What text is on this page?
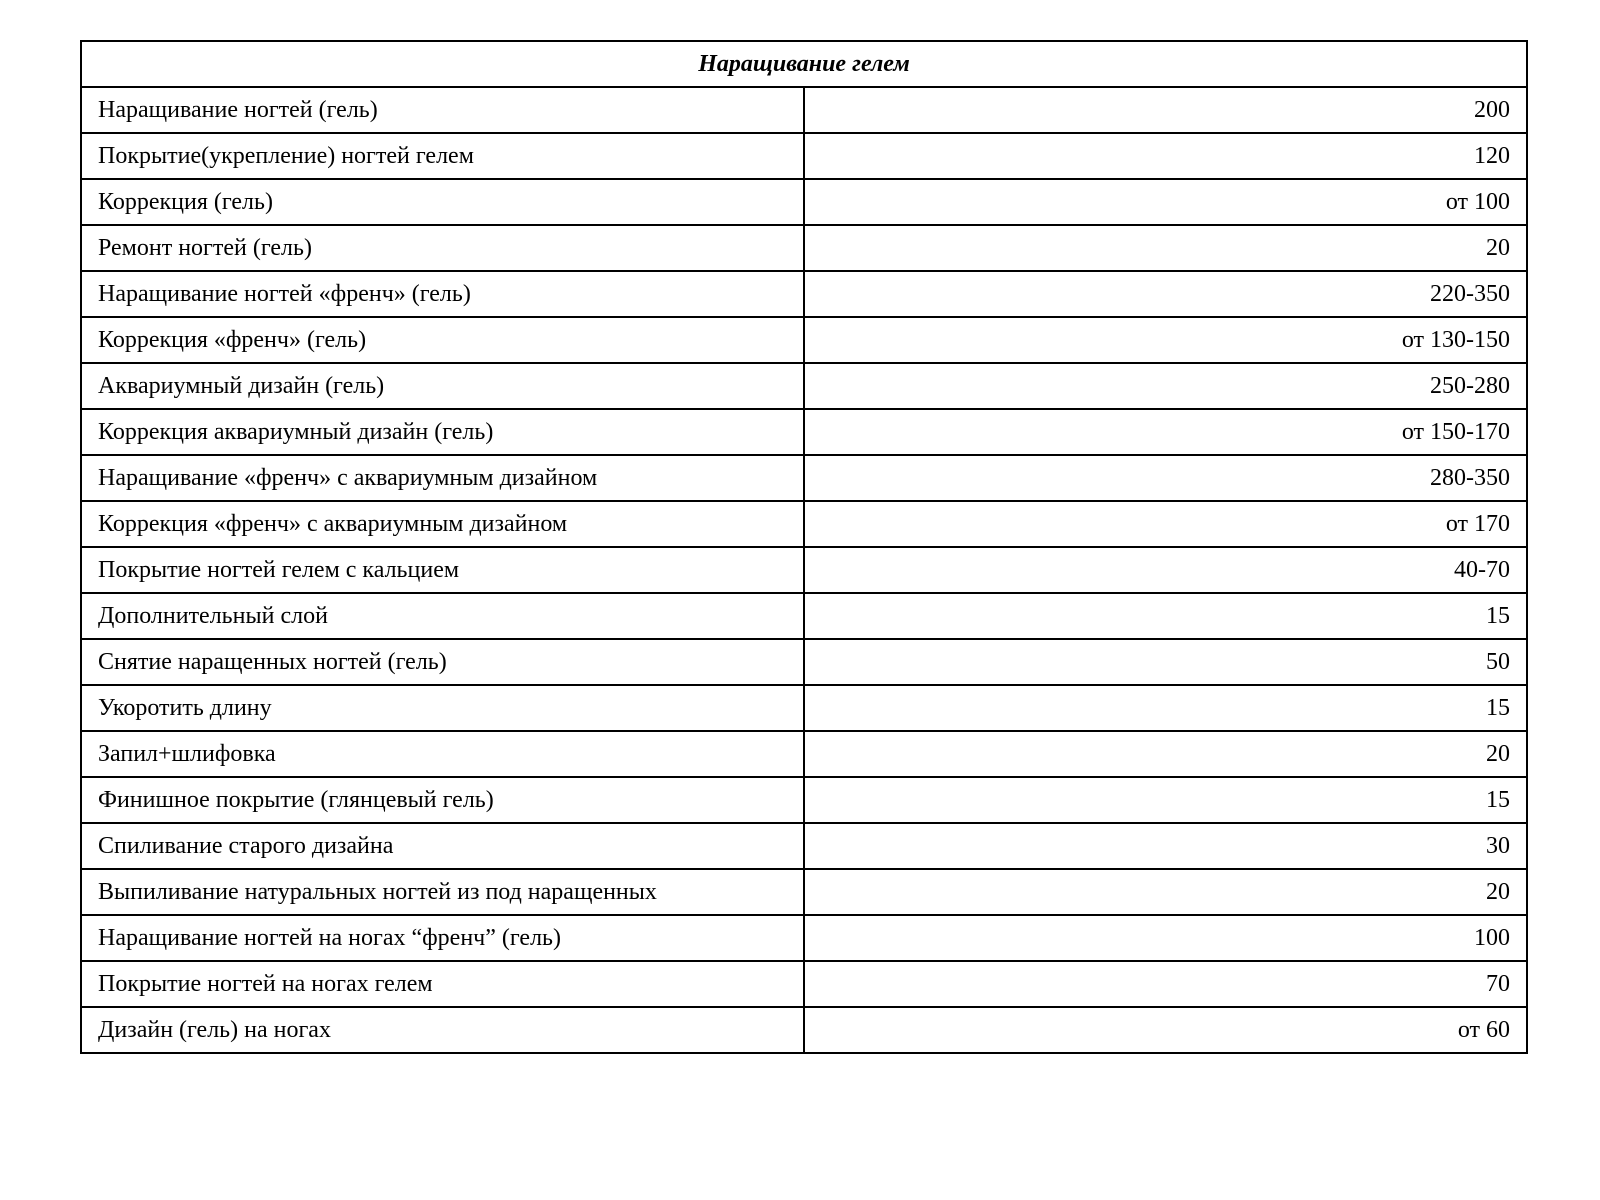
Наращивание гелем	
Наращивание ногтей (гель)	200
Покрытие(укрепление) ногтей гелем	120
Коррекция (гель)	от 100
Ремонт ногтей (гель)	20
Наращивание ногтей «френч» (гель)	220-350
Коррекция «френч» (гель)	от 130-150
Аквариумный дизайн (гель)	250-280
Коррекция аквариумный дизайн (гель)	от 150-170
Наращивание «френч» с аквариумным дизайном	280-350
Коррекция «френч» с аквариумным дизайном	от 170
Покрытие ногтей гелем с кальцием	40-70
Дополнительный слой	15
Снятие наращенных ногтей (гель)	50
Укоротить длину	15
Запил+шлифовка	20
Финишное покрытие (глянцевый гель)	15
Спиливание старого дизайна	30
Выпиливание натуральных ногтей из под наращенных	20
Наращивание ногтей на ногах “френч” (гель)	100
Покрытие ногтей на ногах гелем	70
Дизайн (гель) на ногах	от 60
